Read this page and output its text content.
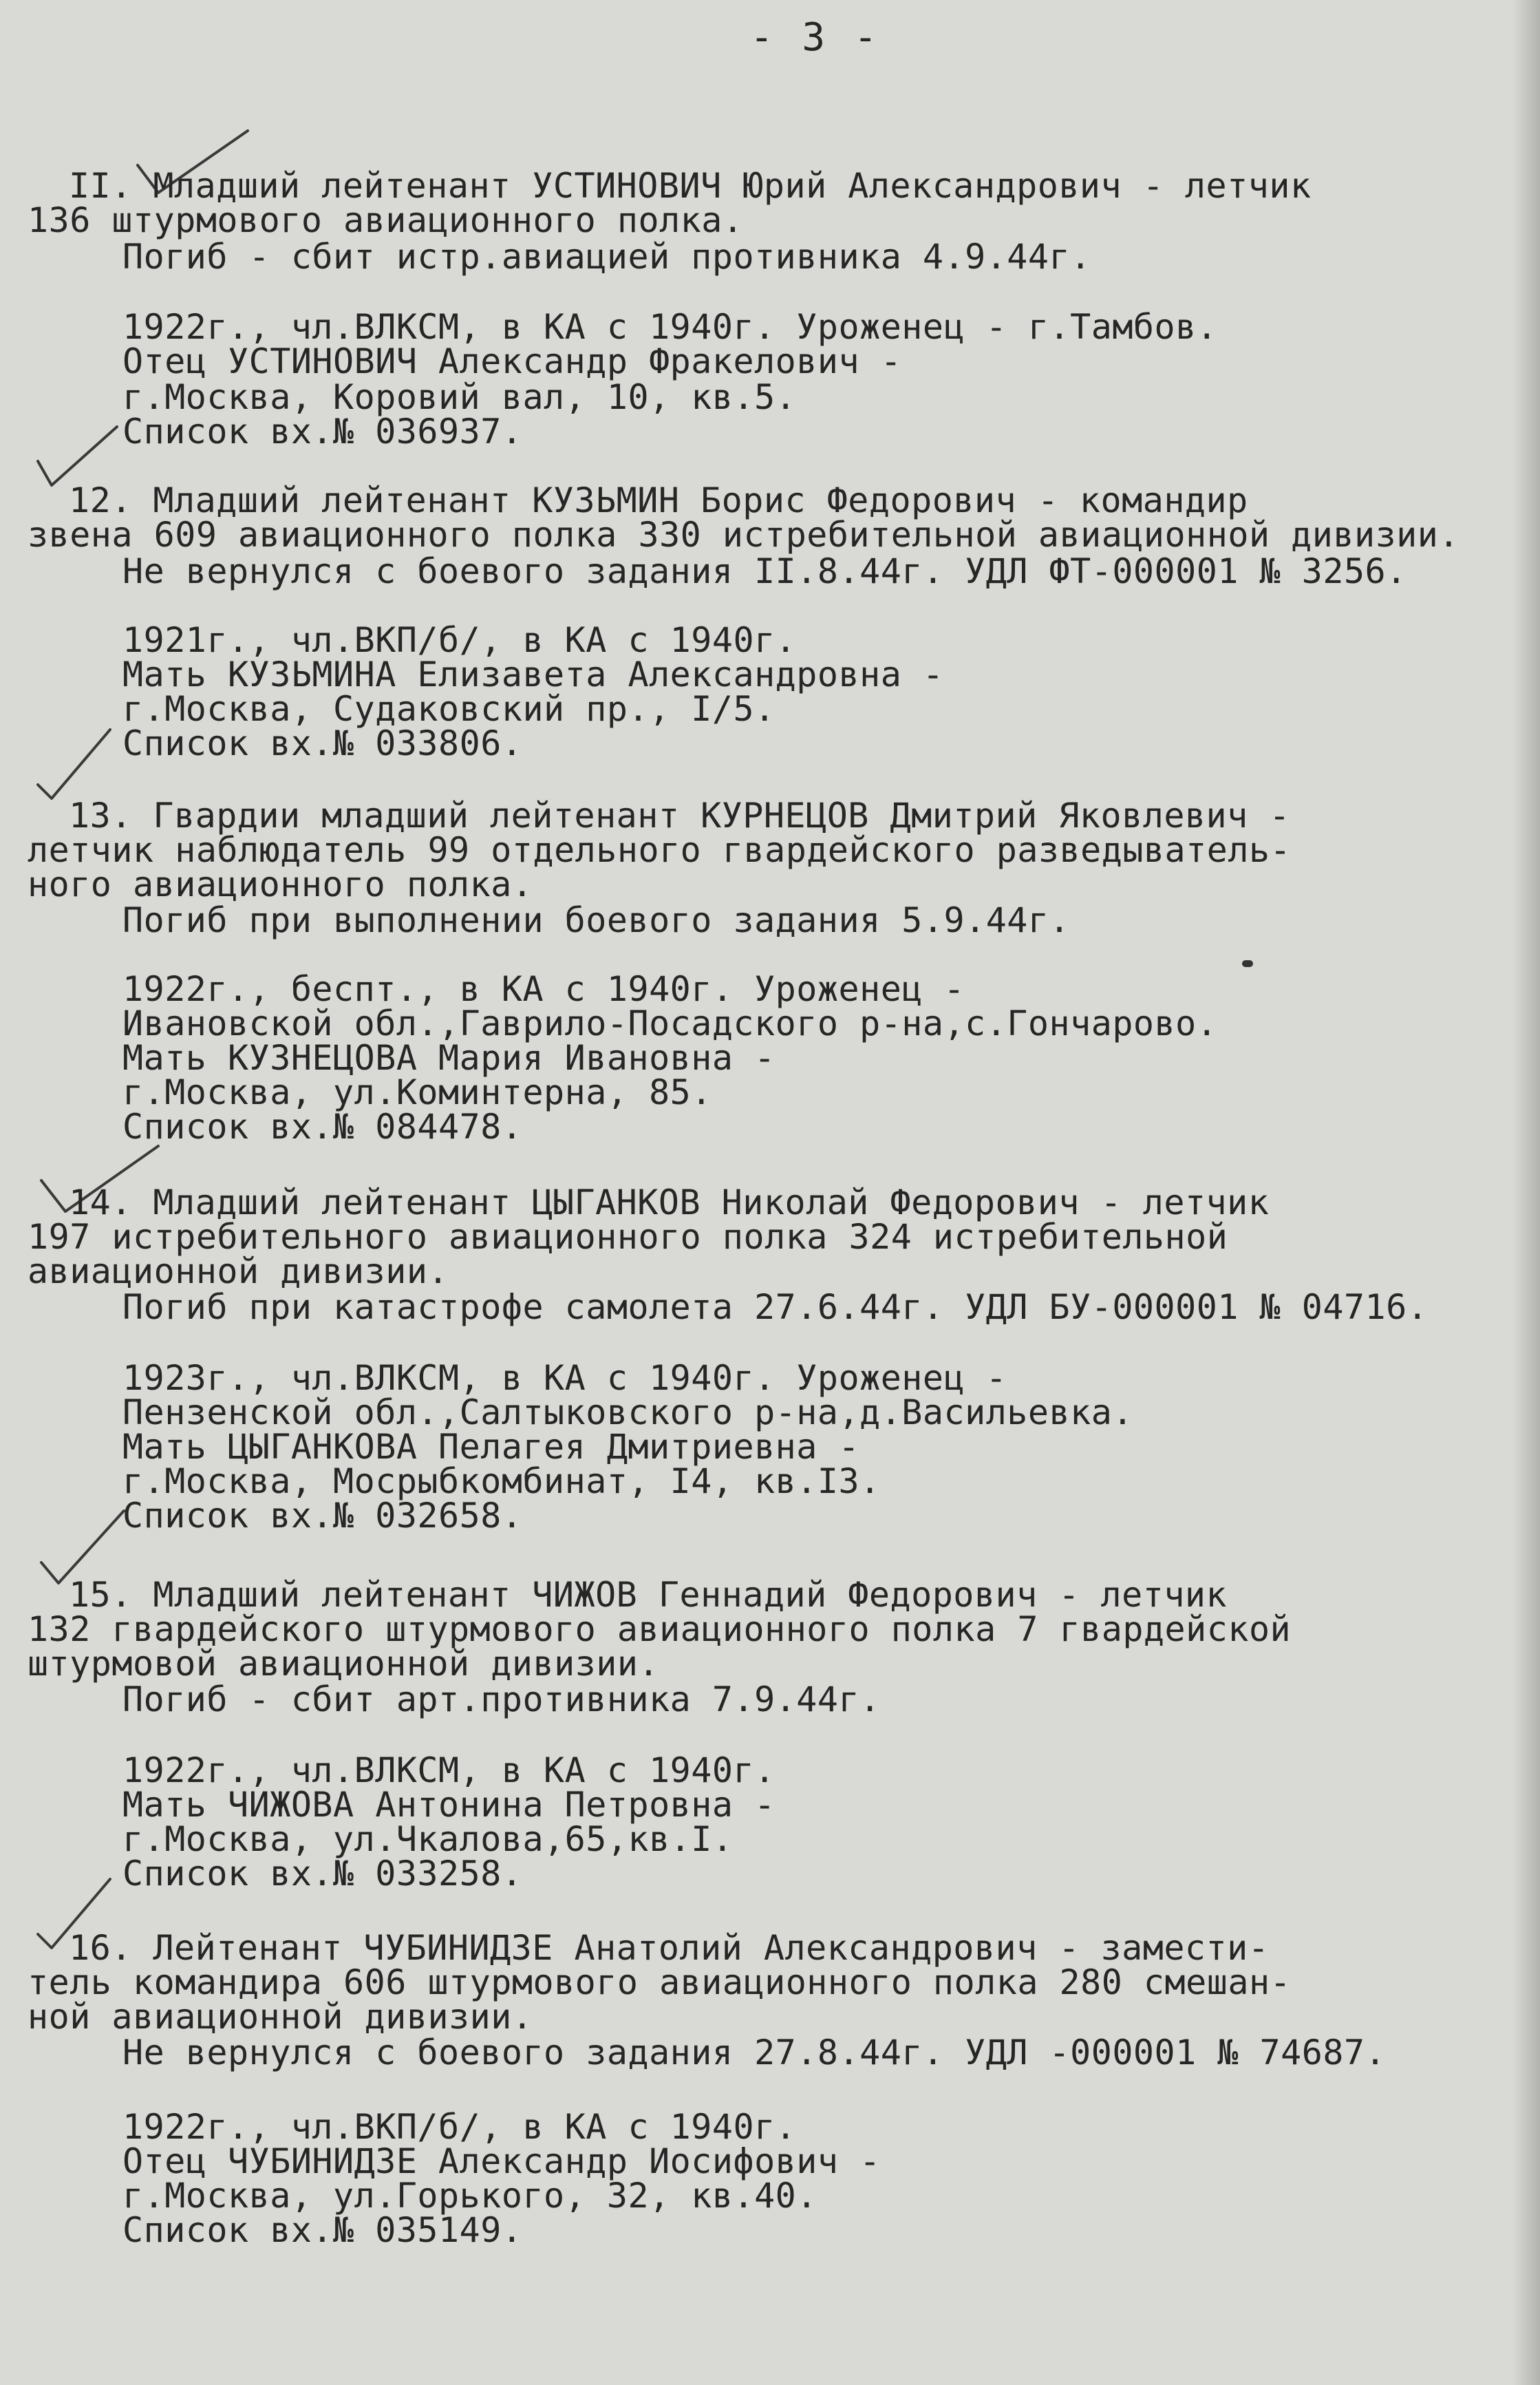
- 3 -
II. Младший лейтенант УСТИНОВИЧ Юрий Александрович - летчик
136 штурмового авиационного полка.
Погиб - сбит истр.авиацией противника 4.9.44г.
1922г., чл.ВЛКСМ, в КА с 1940г. Уроженец - г.Тамбов.
Отец УСТИНОВИЧ Александр Фракелович -
г.Москва, Коровий вал, 10, кв.5.
Список вх.№ 036937.
12. Младший лейтенант КУЗЬМИН Борис Федорович - командир
звена 609 авиационного полка 330 истребительной авиационной дивизии.
Не вернулся с боевого задания II.8.44г. УДЛ ФТ-000001 № 3256.
1921г., чл.ВКП/б/, в КА с 1940г.
Мать КУЗЬМИНА Елизавета Александровна -
г.Москва, Судаковский пр., I/5.
Список вх.№ 033806.
13. Гвардии младший лейтенант КУРНЕЦОВ Дмитрий Яковлевич -
летчик наблюдатель 99 отдельного гвардейского разведыватель-
ного авиационного полка.
Погиб при выполнении боевого задания 5.9.44г.
1922г., беспт., в КА с 1940г. Уроженец -
Ивановской обл.,Гаврило-Посадского р-на,с.Гончарово.
Мать КУЗНЕЦОВА Мария Ивановна -
г.Москва, ул.Коминтерна, 85.
Список вх.№ 084478.
14. Младший лейтенант ЦЫГАНКОВ Николай Федорович - летчик
197 истребительного авиационного полка 324 истребительной
авиационной дивизии.
Погиб при катастрофе самолета 27.6.44г. УДЛ БУ-000001 № 04716.
1923г., чл.ВЛКСМ, в КА с 1940г. Уроженец -
Пензенской обл.,Салтыковского р-на,д.Васильевка.
Мать ЦЫГАНКОВА Пелагея Дмитриевна -
г.Москва, Мосрыбкомбинат, I4, кв.I3.
Список вх.№ 032658.
15. Младший лейтенант ЧИЖОВ Геннадий Федорович - летчик
132 гвардейского штурмового авиационного полка 7 гвардейской
штурмовой авиационной дивизии.
Погиб - сбит арт.противника 7.9.44г.
1922г., чл.ВЛКСМ, в КА с 1940г.
Мать ЧИЖОВА Антонина Петровна -
г.Москва, ул.Чкалова,65,кв.I.
Список вх.№ 033258.
16. Лейтенант ЧУБИНИДЗЕ Анатолий Александрович - замести-
тель командира 606 штурмового авиационного полка 280 смешан-
ной авиационной дивизии.
Не вернулся с боевого задания 27.8.44г. УДЛ -000001 № 74687.
1922г., чл.ВКП/б/, в КА с 1940г.
Отец ЧУБИНИДЗЕ Александр Иосифович -
г.Москва, ул.Горького, 32, кв.40.
Список вх.№ 035149.
